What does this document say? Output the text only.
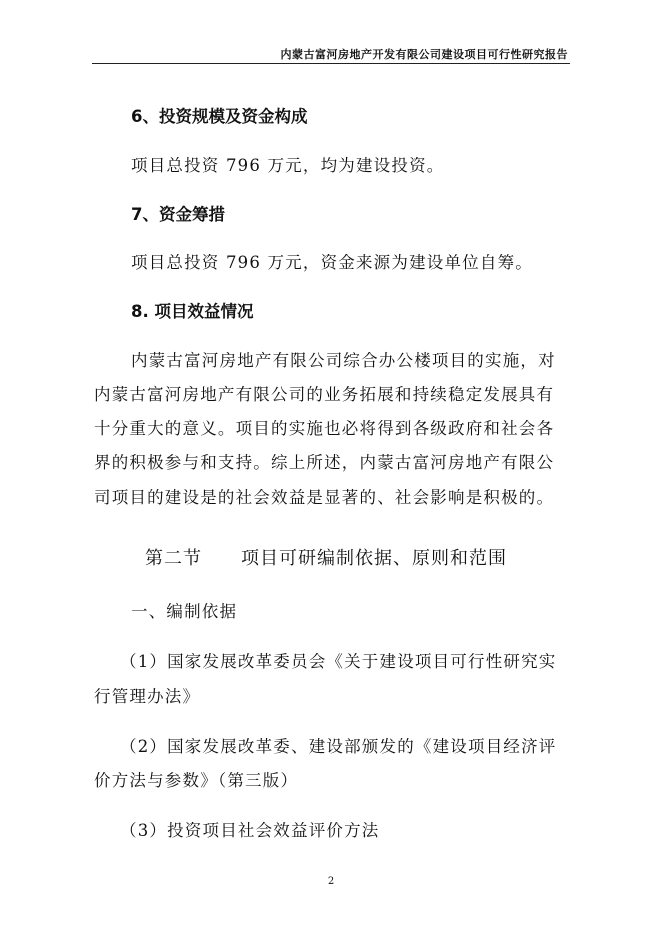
内蒙古富河房地产开发有限公司建设项目可行性研究报告
6、投资规模及资金构成
项目总投资 796 万元，均为建设投资。
7、资金筹措
项目总投资 796 万元，资金来源为建设单位自筹。
8. 项目效益情况
内蒙古富河房地产有限公司综合办公楼项目的实施，对
内蒙古富河房地产有限公司的业务拓展和持续稳定发展具有
十分重大的意义。项目的实施也必将得到各级政府和社会各
界的积极参与和支持。综上所述，内蒙古富河房地产有限公
司项目的建设是的社会效益是显著的、社会影响是积极的。
第二节 项目可研编制依据、原则和范围
一、编制依据
（1）国家发展改革委员会《关于建设项目可行性研究实
行管理办法》
（2）国家发展改革委、建设部颁发的《建设项目经济评
价方法与参数》（第三版）
（3）投资项目社会效益评价方法
2
